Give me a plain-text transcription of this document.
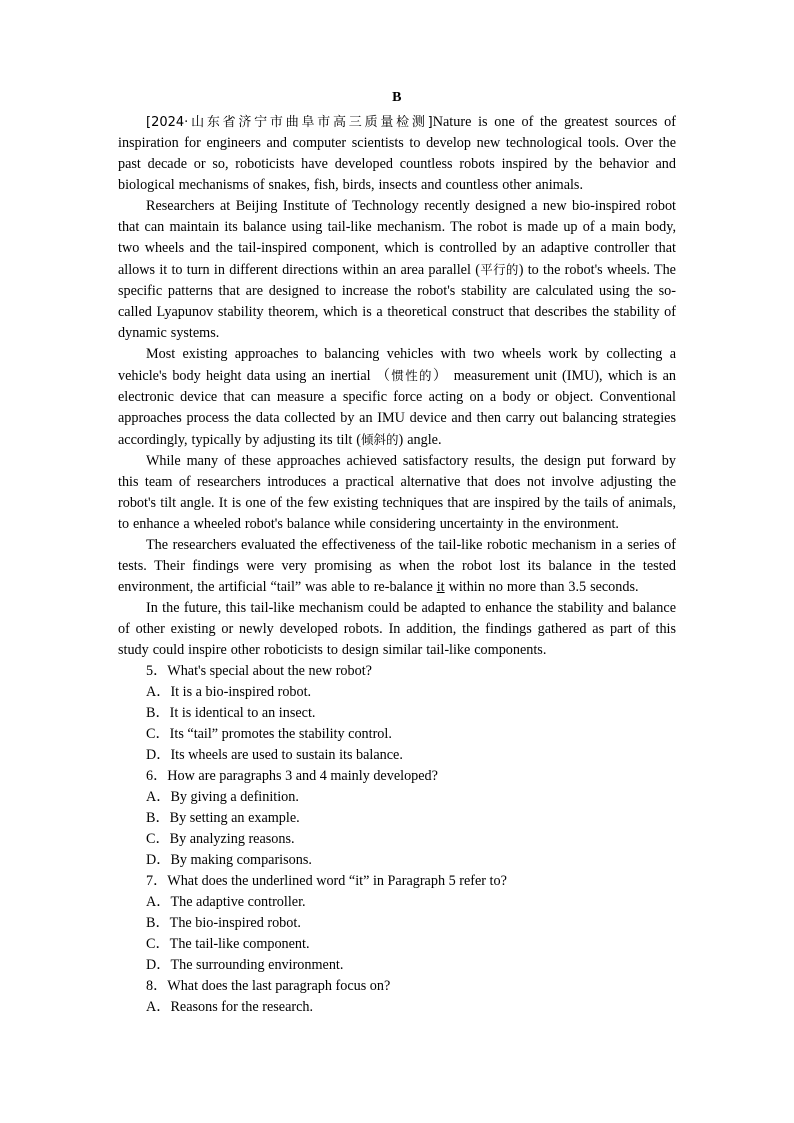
B

[2024·山东省济宁市曲阜市高三质量检测]Nature is one of the greatest sources of inspiration for engineers and computer scientists to develop new technological tools. Over the past decade or so, roboticists have developed countless robots inspired by the behavior and biological mechanisms of snakes, fish, birds, insects and countless other animals.

Researchers at Beijing Institute of Technology recently designed a new bio-inspired robot that can maintain its balance using tail-like mechanism. The robot is made up of a main body, two wheels and the tail-inspired component, which is controlled by an adaptive controller that allows it to turn in different directions within an area parallel (平行的) to the robot's wheels. The specific patterns that are designed to increase the robot's stability are calculated using the so-called Lyapunov stability theorem, which is a theoretical construct that describes the stability of dynamic systems.

Most existing approaches to balancing vehicles with two wheels work by collecting a vehicle's body height data using an inertial （惯性的） measurement unit (IMU), which is an electronic device that can measure a specific force acting on a body or object. Conventional approaches process the data collected by an IMU device and then carry out balancing strategies accordingly, typically by adjusting its tilt (倾斜的) angle.

While many of these approaches achieved satisfactory results, the design put forward by this team of researchers introduces a practical alternative that does not involve adjusting the robot's tilt angle. It is one of the few existing techniques that are inspired by the tails of animals, to enhance a wheeled robot's balance while considering uncertainty in the environment.

The researchers evaluated the effectiveness of the tail-like robotic mechanism in a series of tests. Their findings were very promising as when the robot lost its balance in the tested environment, the artificial “tail” was able to re-balance it within no more than 3.5 seconds.

In the future, this tail-like mechanism could be adapted to enhance the stability and balance of other existing or newly developed robots. In addition, the findings gathered as part of this study could inspire other roboticists to design similar tail-like components.

5．What's special about the new robot?
A．It is a bio-inspired robot.
B．It is identical to an insect.
C．Its “tail” promotes the stability control.
D．Its wheels are used to sustain its balance.
6．How are paragraphs 3 and 4 mainly developed?
A．By giving a definition.
B．By setting an example.
C．By analyzing reasons.
D．By making comparisons.
7．What does the underlined word “it” in Paragraph 5 refer to?
A．The adaptive controller.
B．The bio-inspired robot.
C．The tail-like component.
D．The surrounding environment.
8．What does the last paragraph focus on?
A．Reasons for the research.
